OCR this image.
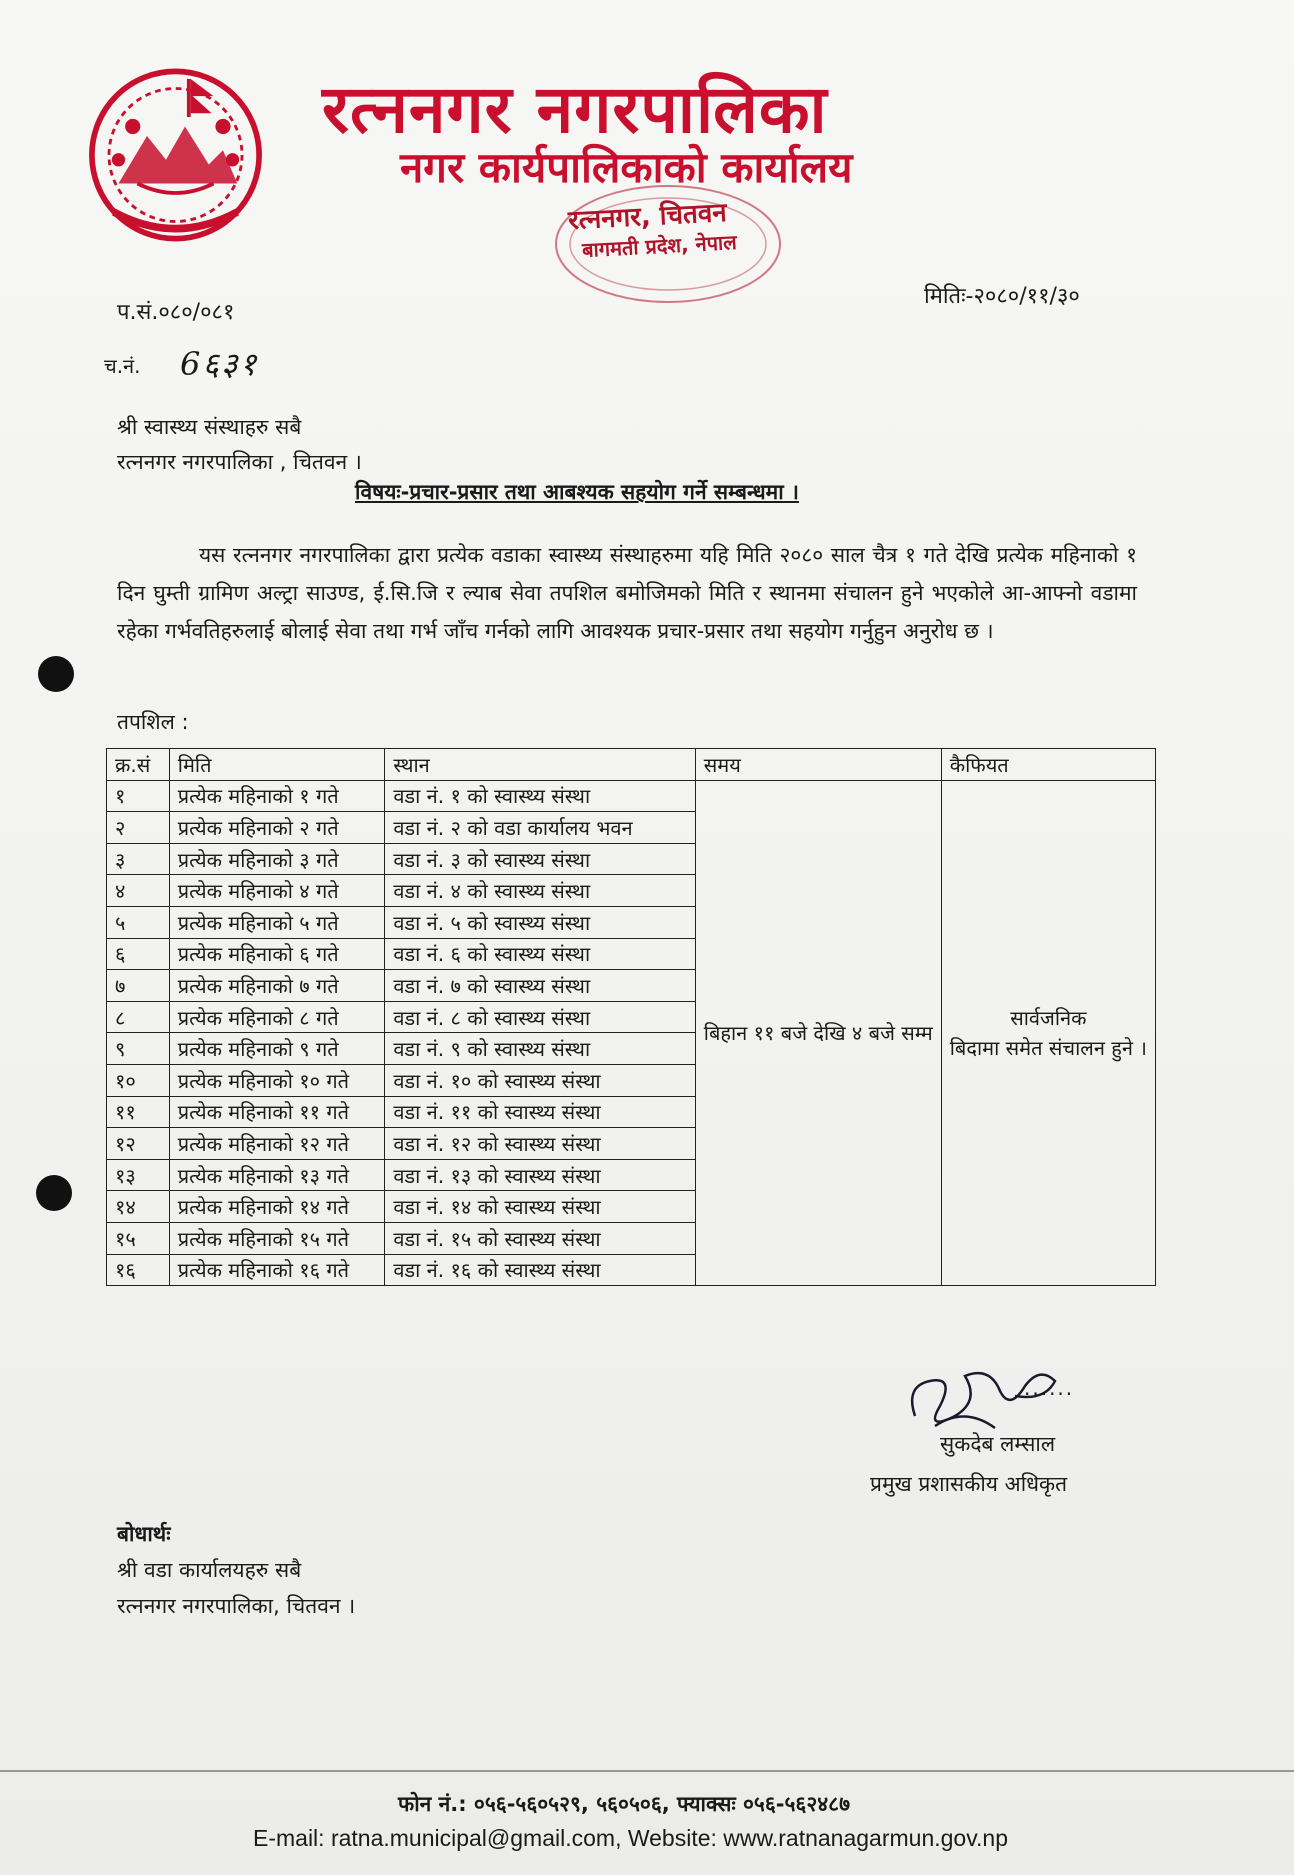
रत्ननगर नगरपालिका
नगर कार्यपालिकाको कार्यालय
रत्ननगर, चितवन
बागमती प्रदेश, नेपाल
प.सं.०८०/०८१
मितिः-२०८०/११/३०
च.नं. 6६३१
श्री स्वास्थ्य संस्थाहरु सबै
रत्ननगर नगरपालिका , चितवन ।
विषयः-प्रचार-प्रसार तथा आबश्यक सहयोग गर्ने सम्बन्धमा ।
यस रत्ननगर नगरपालिका द्वारा प्रत्येक वडाका स्वास्थ्य संस्थाहरुमा यहि मिति २०८० साल चैत्र १ गते देखि प्रत्येक महिनाको १ दिन घुम्ती ग्रामिण अल्ट्रा साउण्ड, ई.सि.जि र ल्याब सेवा तपशिल बमोजिमको मिति र स्थानमा संचालन हुने भएकोले आ-आफ्नो वडामा रहेका गर्भवतिहरुलाई बोलाई सेवा तथा गर्भ जाँच गर्नको लागि आवश्यक प्रचार-प्रसार तथा सहयोग गर्नुहुन अनुरोध छ ।
तपशिल :
क्र.सं	मिति	स्थान	समय	कैफियत
१	प्रत्येक महिनाको १ गते	वडा नं. १ को स्वास्थ्य संस्था	बिहान ११ बजे देखि ४ बजे सम्म	सार्वजनिक
बिदामा समेत संचालन हुने ।
२	प्रत्येक महिनाको २ गते	वडा नं. २ को वडा कार्यालय भवन		
३	प्रत्येक महिनाको ३ गते	वडा नं. ३ को स्वास्थ्य संस्था		
४	प्रत्येक महिनाको ४ गते	वडा नं. ४ को स्वास्थ्य संस्था		
५	प्रत्येक महिनाको ५ गते	वडा नं. ५ को स्वास्थ्य संस्था		
६	प्रत्येक महिनाको ६ गते	वडा नं. ६ को स्वास्थ्य संस्था		
७	प्रत्येक महिनाको ७ गते	वडा नं. ७ को स्वास्थ्य संस्था		
८	प्रत्येक महिनाको ८ गते	वडा नं. ८ को स्वास्थ्य संस्था		
९	प्रत्येक महिनाको ९ गते	वडा नं. ९ को स्वास्थ्य संस्था		
१०	प्रत्येक महिनाको १० गते	वडा नं. १० को स्वास्थ्य संस्था		
११	प्रत्येक महिनाको ११ गते	वडा नं. ११ को स्वास्थ्य संस्था		
१२	प्रत्येक महिनाको १२ गते	वडा नं. १२ को स्वास्थ्य संस्था		
१३	प्रत्येक महिनाको १३ गते	वडा नं. १३ को स्वास्थ्य संस्था		
१४	प्रत्येक महिनाको १४ गते	वडा नं. १४ को स्वास्थ्य संस्था		
१५	प्रत्येक महिनाको १५ गते	वडा नं. १५ को स्वास्थ्य संस्था		
१६	प्रत्येक महिनाको १६ गते	वडा नं. १६ को स्वास्थ्य संस्था		
......
सुकदेब लम्साल
प्रमुख प्रशासकीय अधिकृत
बोधार्थः
श्री वडा कार्यालयहरु सबै
रत्ननगर नगरपालिका, चितवन ।
फोन नं.: ०५६-५६०५२९, ५६०५०६, फ्याक्सः ०५६-५६२४८७
E-mail: ratna.municipal@gmail.com, Website: www.ratnanagarmun.gov.np
